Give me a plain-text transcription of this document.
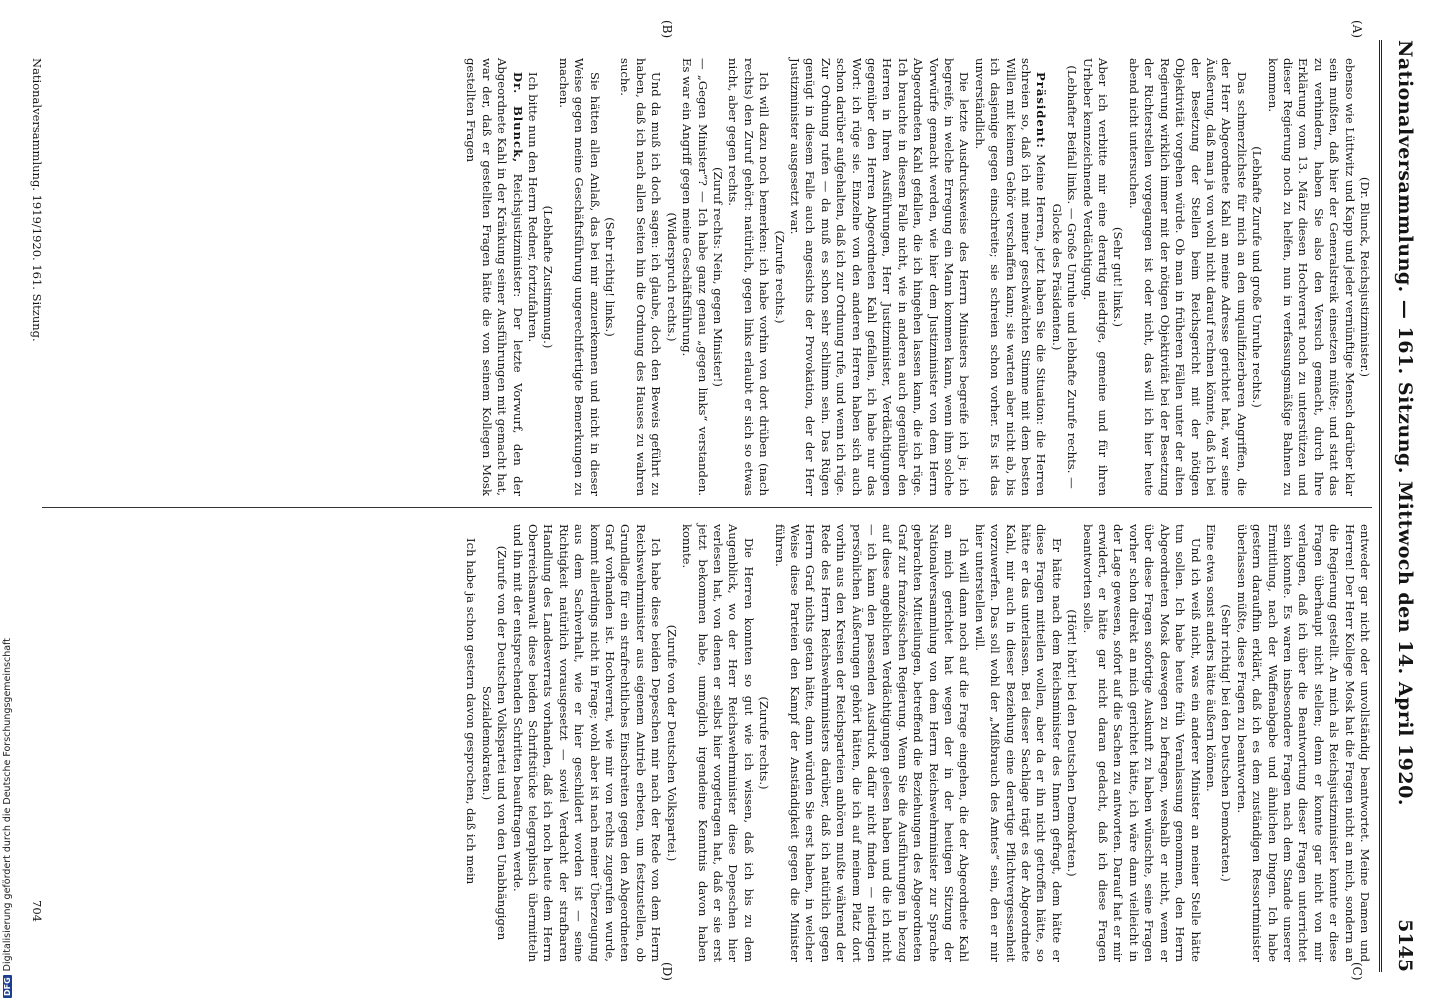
Nationalversammlung. — 161. Sitzung. Mittwoch den 14. April 1920.
5145
(A)
(B)
(C)
(D)

(Dr. Blunck, Reichsjustizminister.)

ebenso wie Lüttwitz und Kapp und jeder vernünftige Mensch darüber klar sein mußten, daß hier der Generalstreik einsetzen müßte; und statt das zu verhindern, haben Sie also den Versuch gemacht, durch Ihre Erklärung vom 13. März diesen Hochverrat noch zu unterstützen und dieser Regierung noch zu helfen, nun in verfassungsmäßige Bahnen zu kommen.

(Lebhafte Zurufe und große Unruhe rechts.)

Das schmerzlichste für mich an den unqualifizierbaren Angriffen, die der Herr Abgeordnete Kahl an meine Adresse gerichtet hat, war seine Äußerung, daß man ja von wohl nicht darauf rechnen könnte, daß ich bei der Besetzung der Stellen beim Reichsgericht mit der nötigen Objektivität vorgehen würde. Ob man in früheren Fällen unter der alten Regierung wirklich immer mit der nötigen Objektivität bei der Besetzung der Richterstellen vorgegangen ist oder nicht, das will ich hier heute abend nicht untersuchen.

(Sehr gut! links.)

Aber ich verbitte mir eine derartig niedrige, gemeine und für ihren Urheber kennzeichnende Verdächtigung.

(Lebhafter Beifall links. — Große Unruhe und lebhafte Zurufe rechts. — Glocke des Präsidenten.)

Präsident: Meine Herren, jetzt haben Sie die Situation: die Herren schreien so, daß ich mit meiner geschwächten Stimme mit dem besten Willen mit keinem Gehör verschaffen kann; sie warten aber nicht ab, bis ich dasjenige gegen einschreite; sie schreien schon vorher. Es ist das unverständlich.

Die letzte Ausdrucksweise des Herrn Ministers begreife ich ja; ich begreife, in welche Erregung ein Mann kommen kann, wenn ihm solche Vorwürfe gemacht werden, wie hier dem Justizminister von dem Herrn Abgeordneten Kahl gefallen, die ich hingehen lassen kann, die ich rüge. Ich brauchte in diesem Falle nicht, wie in anderen auch gegenüber den Herren in Ihren Ausführungen, Herr Justizminister, Verdächtigungen gegenüber den Herren Abgeordneten Kahl gefallen, ich habe nur das Wort: ich rüge sie. Einzelne von den anderen Herren haben sich auch schon darüber aufgehalten, daß ich zur Ordnung rufe, und wenn ich rüge. Zur Ordnung rufen — da muß es schon sehr schlimm sein. Das Rügen genügt in diesem Falle auch angesichts der Provokation, der der Herr Justizminister ausgesetzt war.

(Zurufe rechts.)

Ich will dazu noch bemerken: ich habe vorhin von dort drüben (nach rechts) den Zuruf gehört: natürlich, gegen links erlaubt er sich so etwas nicht, aber gegen rechts.

(Zuruf rechts: Nein, gegen Minister!)

— „Gegen Minister“? — Ich habe ganz genau „gegen links“ verstanden. Es war ein Angriff gegen meine Geschäftsführung.

(Widerspruch rechts.)

Und da muß ich doch sagen: ich glaube, doch den Beweis geführt zu haben, daß ich nach allen Seiten hin die Ordnung des Hauses zu wahren suche.

(Sehr richtig! links.)

Sie hätten allen Anlaß, das bei mir anzuerkennen und nicht in dieser Weise gegen meine Geschäftsführung ungerechtfertigte Bemerkungen zu machen.

(Lebhafte Zustimmung.)

Ich bitte nun den Herrn Redner, fortzufahren.

Dr. Blunck, Reichsjustizminister: Der letzte Vorwurf, den der Abgeordnete Kahl in der Kränkung seiner Ausführungen mit gemacht hat, war der, daß er gestellten Fragen hätte die von seinem Kollegen Mosk gestellten Fragen

entweder gar nicht oder unvollständig beantwortet. Meine Damen und Herren! Der Herr Kollege Mosk hat die Fragen nicht an mich, sondern an die Regierung gestellt. An mich als Reichsjustizminister konnte er diese Fragen überhaupt nicht stellen; denn er konnte gar nicht von mir verlangen, daß ich über die Beantwortung dieser Fragen unterrichtet sein konnte. Es waren insbesondere Fragen nach dem Stande unserer Ermittlung, nach der Waffenabgabe und ähnlichen Dingen. Ich habe gestern daraufhin erklärt, daß ich es dem zuständigen Ressortminister überlassen müßte, diese Fragen zu beantworten.

(Sehr richtig! bei den Deutschen Demokraten.)

Eine etwa sonst anders hätte äußern können.

Und ich weiß nicht, was ein anderer Minister an meiner Stelle hätte tun sollen. Ich habe heute früh Veranlassung genommen, den Herrn Abgeordneten Mosk deswegen zu befragen, weshalb er nicht, wenn er über diese Fragen sofortige Auskunft zu haben wünschte, seine Fragen vorher schon direkt an mich gerichtet hätte, ich wäre dann vielleicht in der Lage gewesen, sofort auf die Sachen zu antworten. Darauf hat er mir erwidert, er hätte gar nicht daran gedacht, daß ich diese Fragen beantworten solle.

(Hört! hört! bei den Deutschen Demokraten.)

Er hätte nach dem Reichsminister des Innern gefragt, dem hätte er diese Fragen mitteilen wollen, aber da er ihn nicht getroffen hätte, so hätte er das unterlassen. Bei dieser Sachlage trägt es der Abgeordnete Kahl, mir auch in dieser Beziehung eine derartige Pflichtvergessenheit vorzuwerfen. Das soll wohl der „Mißbrauch des Amtes“ sein, den er mir hier unterstellen will.

Ich will dann noch auf die Frage eingehen, die der Abgeordnete Kahl an mich gerichtet hat wegen der in der heutigen Sitzung der Nationalversammlung von dem Herrn Reichswehrminister zur Sprache gebrachten Mitteilungen, betreffend die Beziehungen des Abgeordneten Graf zur französischen Regierung. Wenn Sie die Ausführungen in bezug auf diese angeblichen Verdächtigungen gelesen haben und die ich nicht — ich kann den passenden Ausdruck dafür nicht finden — niedrigen persönlichen Äußerungen gehört hätten, die ich auf meinem Platz dort vorhin aus den Kreisen der Reichsparteien anhören mußte während der Rede des Herrn Reichswehrministers darüber, daß ich natürlich gegen Herrn Graf nichts getan hätte, dann würden Sie erst haben, in welcher Weise diese Parteien den Kampf der Anständigkeit gegen die Minister führen.

(Zurufe rechts.)

Die Herren konnten so gut wie ich wissen, daß ich bis zu dem Augenblick, wo der Herr Reichswehrminister diese Depeschen hier verlesen hat, von denen er selbst hier vorgetragen hat, daß er sie erst jetzt bekommen habe, unmöglich irgendeine Kenntnis davon haben konnte.

(Zurufe von der Deutschen Volkspartei.)

Ich habe diese beiden Depeschen mir nach der Rede von dem Herrn Reichswehrminister aus eigenem Antrieb erbeten, um festzustellen, ob Grundlage für ein strafrechtliches Einschreiten gegen den Abgeordneten Graf vorhanden ist. Hochverrat, wie mir von rechts zugerufen wurde, kommt allerdings nicht in Frage; wohl aber ist nach meiner Überzeugung aus dem Sachverhalt, wie er hier geschildert worden ist — seine Richtigkeit natürlich vorausgesetzt — soviel Verdacht der strafbaren Handlung des Landesverrats vorhanden, daß ich noch heute dem Herrn Oberreichsanwalt diese beiden Schriftstücke telegraphisch übermitteln und ihn mit der entsprechenden Schritten beauftragen werde.

(Zurufe von der Deutschen Volkspartei und von den Unabhängigen Sozialdemokraten.)

Ich habe ja schon gestern davon gesprochen, daß ich mein

Nationalversammlung. 1919/1920. 161. Sitzung.
704
DFGDigitalisierung gefördert durch die Deutsche Forschungsgemeinschaft
